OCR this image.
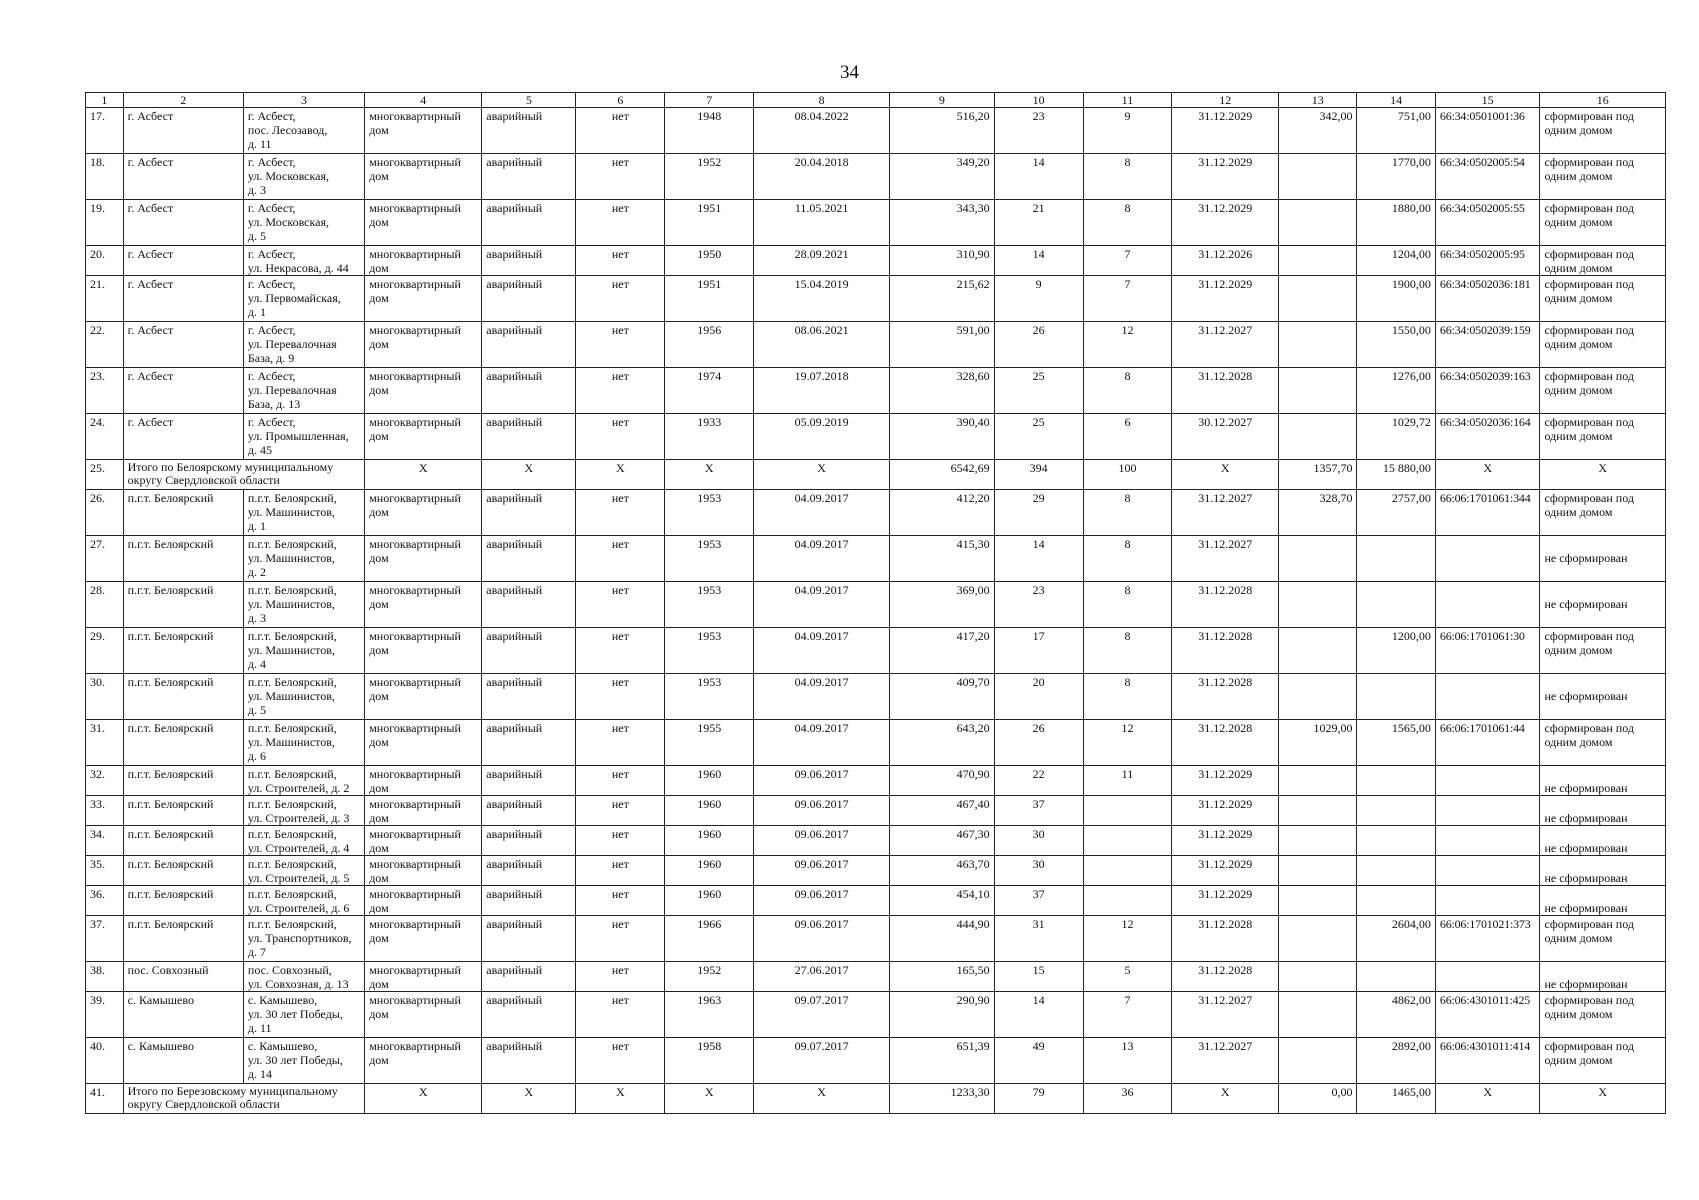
34
1	2	3	4	5	6	7	8	9	10	11	12	13	14	15	16
17.	г. Асбест	г. Асбест,
пос. Лесозавод,
д. 11	многоквартирный
дом	аварийный	нет	1948	08.04.2022	516,20	23	9	31.12.2029	342,00	751,00	66:34:0501001:36	сформирован под
одним домом

18.	г. Асбест	г. Асбест,
ул. Московская,
д. 3	многоквартирный
дом	аварийный	нет	1952	20.04.2018	349,20	14	8	31.12.2029		1770,00	66:34:0502005:54	сформирован под
одним домом

19.	г. Асбест	г. Асбест,
ул. Московская,
д. 5	многоквартирный
дом	аварийный	нет	1951	11.05.2021	343,30	21	8	31.12.2029		1880,00	66:34:0502005:55	сформирован под
одним домом

20.	г. Асбест	г. Асбест,
ул. Некрасова, д. 44	многоквартирный
дом	аварийный	нет	1950	28.09.2021	310,90	14	7	31.12.2026		1204,00	66:34:0502005:95	сформирован под
одним домом

21.	г. Асбест	г. Асбест,
ул. Первомайская,
д. 1	многоквартирный
дом	аварийный	нет	1951	15.04.2019	215,62	9	7	31.12.2029		1900,00	66:34:0502036:181	сформирован под
одним домом

22.	г. Асбест	г. Асбест,
ул. Перевалочная
База, д. 9	многоквартирный
дом	аварийный	нет	1956	08.06.2021	591,00	26	12	31.12.2027		1550,00	66:34:0502039:159	сформирован под
одним домом

23.	г. Асбест	г. Асбест,
ул. Перевалочная
База, д. 13	многоквартирный
дом	аварийный	нет	1974	19.07.2018	328,60	25	8	31.12.2028		1276,00	66:34:0502039:163	сформирован под
одним домом

24.	г. Асбест	г. Асбест,
ул. Промышленная,
д. 45	многоквартирный
дом	аварийный	нет	1933	05.09.2019	390,40	25	6	30.12.2027		1029,72	66:34:0502036:164	сформирован под
одним домом

25.	Итого по Белоярскому муниципальному
округу Свердловской области		X	X	X	X	X	6542,69	394	100	X	1357,70	15 880,00	X	X
26.	п.г.т. Белоярский	п.г.т. Белоярский,
ул. Машинистов,
д. 1	многоквартирный
дом	аварийный	нет	1953	04.09.2017	412,20	29	8	31.12.2027	328,70	2757,00	66:06:1701061:344	сформирован под
одним домом

27.	п.г.т. Белоярский	п.г.т. Белоярский,
ул. Машинистов,
д. 2	многоквартирный
дом	аварийный	нет	1953	04.09.2017	415,30	14	8	31.12.2027				не сформирован

28.	п.г.т. Белоярский	п.г.т. Белоярский,
ул. Машинистов,
д. 3	многоквартирный
дом	аварийный	нет	1953	04.09.2017	369,00	23	8	31.12.2028				не сформирован

29.	п.г.т. Белоярский	п.г.т. Белоярский,
ул. Машинистов,
д. 4	многоквартирный
дом	аварийный	нет	1953	04.09.2017	417,20	17	8	31.12.2028		1200,00	66:06:1701061:30	сформирован под
одним домом

30.	п.г.т. Белоярский	п.г.т. Белоярский,
ул. Машинистов,
д. 5	многоквартирный
дом	аварийный	нет	1953	04.09.2017	409,70	20	8	31.12.2028				не сформирован

31.	п.г.т. Белоярский	п.г.т. Белоярский,
ул. Машинистов,
д. 6	многоквартирный
дом	аварийный	нет	1955	04.09.2017	643,20	26	12	31.12.2028	1029,00	1565,00	66:06:1701061:44	сформирован под
одним домом

32.	п.г.т. Белоярский	п.г.т. Белоярский,
ул. Строителей, д. 2	многоквартирный
дом	аварийный	нет	1960	09.06.2017	470,90	22	11	31.12.2029				не сформирован

33.	п.г.т. Белоярский	п.г.т. Белоярский,
ул. Строителей, д. 3	многоквартирный
дом	аварийный	нет	1960	09.06.2017	467,40	37		31.12.2029				не сформирован

34.	п.г.т. Белоярский	п.г.т. Белоярский,
ул. Строителей, д. 4	многоквартирный
дом	аварийный	нет	1960	09.06.2017	467,30	30		31.12.2029				не сформирован

35.	п.г.т. Белоярский	п.г.т. Белоярский,
ул. Строителей, д. 5	многоквартирный
дом	аварийный	нет	1960	09.06.2017	463,70	30		31.12.2029				не сформирован

36.	п.г.т. Белоярский	п.г.т. Белоярский,
ул. Строителей, д. 6	многоквартирный
дом	аварийный	нет	1960	09.06.2017	454,10	37		31.12.2029				не сформирован

37.	п.г.т. Белоярский	п.г.т. Белоярский,
ул. Транспортников,
д. 7	многоквартирный
дом	аварийный	нет	1966	09.06.2017	444,90	31	12	31.12.2028		2604,00	66:06:1701021:373	сформирован под
одним домом

38.	пос. Совхозный	пос. Совхозный,
ул. Совхозная, д. 13	многоквартирный
дом	аварийный	нет	1952	27.06.2017	165,50	15	5	31.12.2028				не сформирован

39.	с. Камышево	с. Камышево,
ул. 30 лет Победы,
д. 11	многоквартирный
дом	аварийный	нет	1963	09.07.2017	290,90	14	7	31.12.2027		4862,00	66:06:4301011:425	сформирован под
одним домом

40.	с. Камышево	с. Камышево,
ул. 30 лет Победы,
д. 14	многоквартирный
дом	аварийный	нет	1958	09.07.2017	651,39	49	13	31.12.2027		2892,00	66:06:4301011:414	сформирован под
одним домом

41.	Итого по Березовскому муниципальному
округу Свердловской области		X	X	X	X	X	1233,30	79	36	X	0,00	1465,00	X	X
